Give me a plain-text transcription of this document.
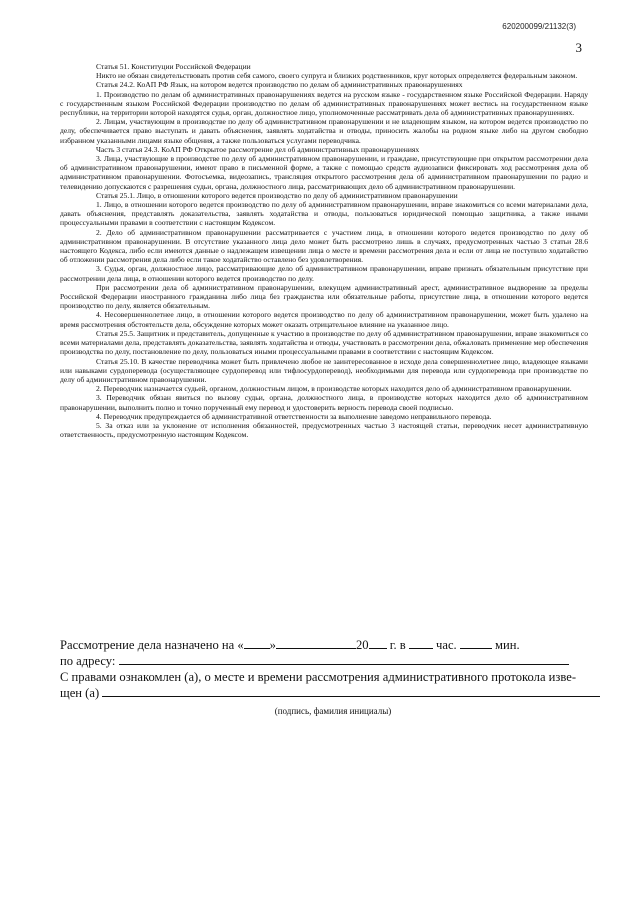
620200099/21132(3)
3

Статья 51. Конституции Российской Федерации

Никто не обязан свидетельствовать против себя самого, своего супруга и близких родственников, круг которых определяется федеральным законом.

Статья 24.2. КоАП РФ Язык, на котором ведется производство по делам об административных правонарушениях

1. Производство по делам об административных правонарушениях ведется на русском языке - государственном языке Российской Федерации. Наряду с государственным языком Российской Федерации производство по делам об административных правонарушениях может вестись на государственном языке республики, на территории которой находятся судья, орган, должностное лицо, уполномоченные рассматривать дела об административных правонарушениях.

2. Лицам, участвующим в производстве по делу об административном правонарушении и не владеющим языком, на котором ведется производство по делу, обеспечивается право выступать и давать объяснения, заявлять ходатайства и отводы, приносить жалобы на родном языке либо на другом свободно избранном указанными лицами языке общения, а также пользоваться услугами переводчика.

Часть 3 статья 24.3. КоАП РФ Открытое рассмотрение дел об административных правонарушениях

3. Лица, участвующие в производстве по делу об административном правонарушении, и граждане, присутствующие при открытом рассмотрении дела об административном правонарушении, имеют право в письменной форме, а также с помощью средств аудиозаписи фиксировать ход рассмотрения дела об административном правонарушении. Фотосъемка, видеозапись, трансляция открытого рассмотрения дела об административном правонарушении по радио и телевидению допускаются с разрешения судьи, органа, должностного лица, рассматривающих дело об административном правонарушении.

Статья 25.1. Лицо, в отношении которого ведется производство по делу об административном правонарушении

1. Лицо, в отношении которого ведется производство по делу об административном правонарушении, вправе знакомиться со всеми материалами дела, давать объяснения, представлять доказательства, заявлять ходатайства и отводы, пользоваться юридической помощью защитника, а также иными процессуальными правами в соответствии с настоящим Кодексом.

2. Дело об административном правонарушении рассматривается с участием лица, в отношении которого ведется производство по делу об административном правонарушении. В отсутствие указанного лица дело может быть рассмотрено лишь в случаях, предусмотренных частью 3 статьи 28.6 настоящего Кодекса, либо если имеются данные о надлежащем извещении лица о месте и времени рассмотрения дела и если от лица не поступило ходатайство об отложении рассмотрения дела либо если такое ходатайство оставлено без удовлетворения.

3. Судья, орган, должностное лицо, рассматривающие дело об административном правонарушении, вправе признать обязательным присутствие при рассмотрении дела лица, в отношении которого ведется производство по делу.

При рассмотрении дела об административном правонарушении, влекущем административный арест, административное выдворение за пределы Российской Федерации иностранного гражданина либо лица без гражданства или обязательные работы, присутствие лица, в отношении которого ведется производство по делу, является обязательным.

4. Несовершеннолетнее лицо, в отношении которого ведется производство по делу об административном правонарушении, может быть удалено на время рассмотрения обстоятельств дела, обсуждение которых может оказать отрицательное влияние на указанное лицо.

Статья 25.5. Защитник и представитель, допущенные к участию в производстве по делу об административном правонарушении, вправе знакомиться со всеми материалами дела, представлять доказательства, заявлять ходатайства и отводы, участвовать в рассмотрении дела, обжаловать применение мер обеспечения производства по делу, постановление по делу, пользоваться иными процессуальными правами в соответствии с настоящим Кодексом.

Статья 25.10. В качестве переводчика может быть привлечено любое не заинтересованное в исходе дела совершеннолетнее лицо, владеющее языками или навыками сурдоперевода (осуществляющее сурдоперевод или тифлосурдоперевод), необходимыми для перевода или сурдоперевода при производстве по делу об административном правонарушении.

2. Переводчик назначается судьей, органом, должностным лицом, в производстве которых находится дело об административном правонарушении.

3. Переводчик обязан явиться по вызову судьи, органа, должностного лица, в производстве которых находится дело об административном правонарушении, выполнить полно и точно порученный ему перевод и удостоверить верность перевода своей подписью.

4. Переводчик предупреждается об административной ответственности за выполнение заведомо неправильного перевода.

5. За отказ или за уклонение от исполнения обязанностей, предусмотренных частью 3 настоящей статьи, переводчик несет административную ответственность, предусмотренную настоящим Кодексом.

Рассмотрение дела назначено на « »	20 г. в час.	мин.
по адресу:
С правами ознакомлен (а), о месте и времени рассмотрения административного протокола изве-
щен (а)
(подпись, фамилия инициалы)
